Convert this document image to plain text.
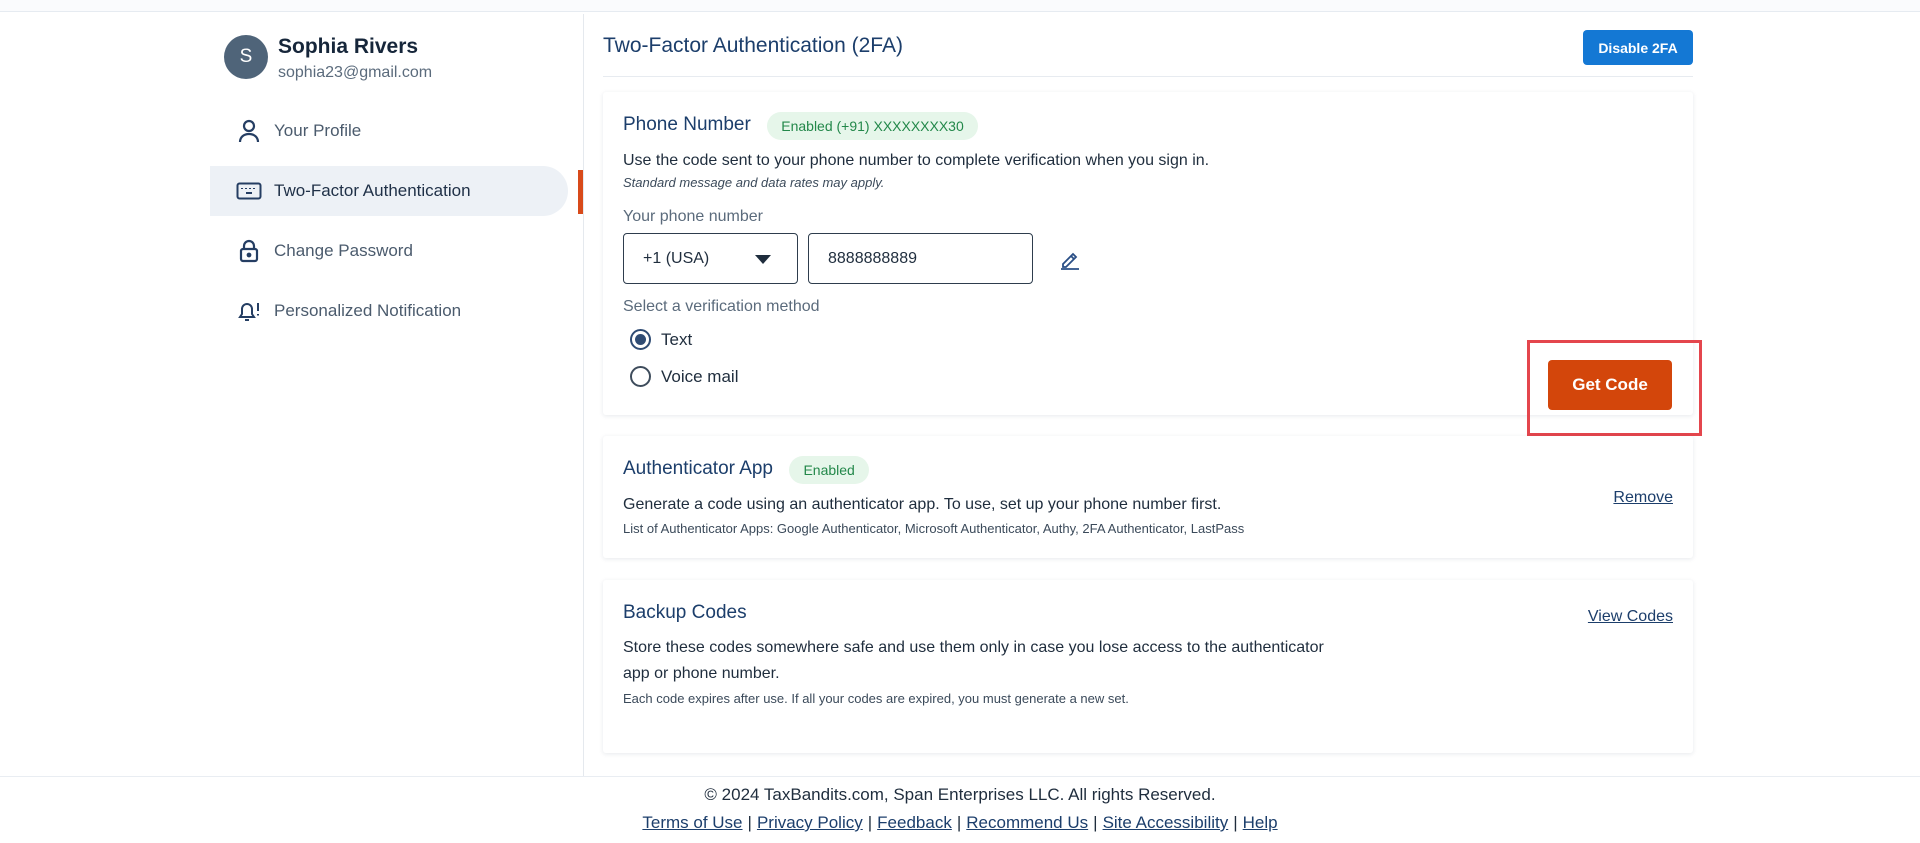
S	Sophia Rivers
sophia23@gmail.com
Your Profile
Two-Factor Authentication
Change Password
Personalized Notification
Two-Factor Authentication (2FA)	Disable 2FA
Phone Number Enabled (+91) XXXXXXXX30
Use the code sent to your phone number to complete verification when you sign in.
Standard message and data rates may apply.
Your phone number
+1 (USA)
8888888889
Select a verification method
Text
Voice mail	Get Code
Authenticator App Enabled
Generate a code using an authenticator app. To use, set up your phone number first.
List of Authenticator Apps: Google Authenticator, Microsoft Authenticator, Authy, 2FA Authenticator, LastPass
Remove
Backup Codes
Store these codes somewhere safe and use them only in case you lose access to the authenticator
app or phone number.
Each code expires after use. If all your codes are expired, you must generate a new set.
View Codes
© 2024 TaxBandits.com, Span Enterprises LLC. All rights Reserved.
Terms of Use | Privacy Policy | Feedback | Recommend Us | Site Accessibility | Help
